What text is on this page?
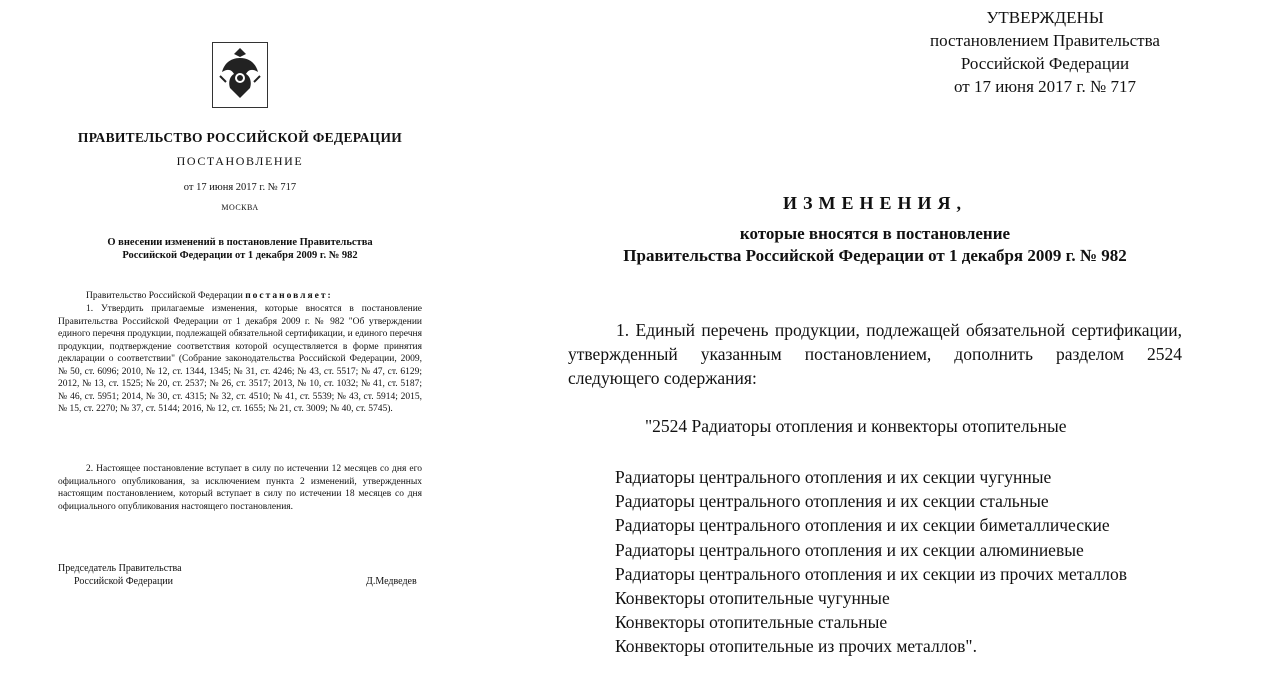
ПРАВИТЕЛЬСТВО РОССИЙСКОЙ ФЕДЕРАЦИИ
ПОСТАНОВЛЕНИЕ
от 17 июня 2017 г. № 717
МОСКВА
О внесении изменений в постановление Правительства Российской Федерации от 1 декабря 2009 г. № 982

Правительство Российской Федерации постановляет:

1. Утвердить прилагаемые изменения, которые вносятся в постановление Правительства Российской Федерации от 1 декабря 2009 г. № 982 "Об утверждении единого перечня продукции, подлежащей обязательной сертификации, и единого перечня продукции, подтверждение соответствия которой осуществляется в форме принятия декларации о соответствии" (Собрание законодательства Российской Федерации, 2009, № 50, ст. 6096; 2010, № 12, ст. 1344, 1345; № 31, ст. 4246; № 43, ст. 5517; № 47, ст. 6129; 2012, № 13, ст. 1525; № 20, ст. 2537; № 26, ст. 3517; 2013, № 10, ст. 1032; № 41, ст. 5187; № 46, ст. 5951; 2014, № 30, ст. 4315; № 32, ст. 4510; № 41, ст. 5539; № 43, ст. 5914; 2015, № 15, ст. 2270; № 37, ст. 5144; 2016, № 12, ст. 1655; № 21, ст. 3009; № 40, ст. 5745).

2. Настоящее постановление вступает в силу по истечении 12 месяцев со дня его официального опубликования, за исключением пункта 2 изменений, утвержденных настоящим постановлением, который вступает в силу по истечении 18 месяцев со дня официального опубликования настоящего постановления.

Председатель Правительства
Российской Федерации	Д.Медведев
УТВЕРЖДЕНЫ
постановлением Правительства
Российской Федерации
от 17 июня 2017 г. № 717
ИЗМЕНЕНИЯ,
которые вносятся в постановление
Правительства Российской Федерации от 1 декабря 2009 г. № 982

1. Единый перечень продукции, подлежащей обязательной сертификации, утвержденный указанным постановлением, дополнить разделом 2524 следующего содержания:

"2524 Радиаторы отопления и конвекторы отопительные
Радиаторы центрального отопления и их секции чугунные
Радиаторы центрального отопления и их секции стальные
Радиаторы центрального отопления и их секции биметаллические
Радиаторы центрального отопления и их секции алюминиевые
Радиаторы центрального отопления и их секции из прочих металлов
Конвекторы отопительные чугунные
Конвекторы отопительные стальные
Конвекторы отопительные из прочих металлов".
